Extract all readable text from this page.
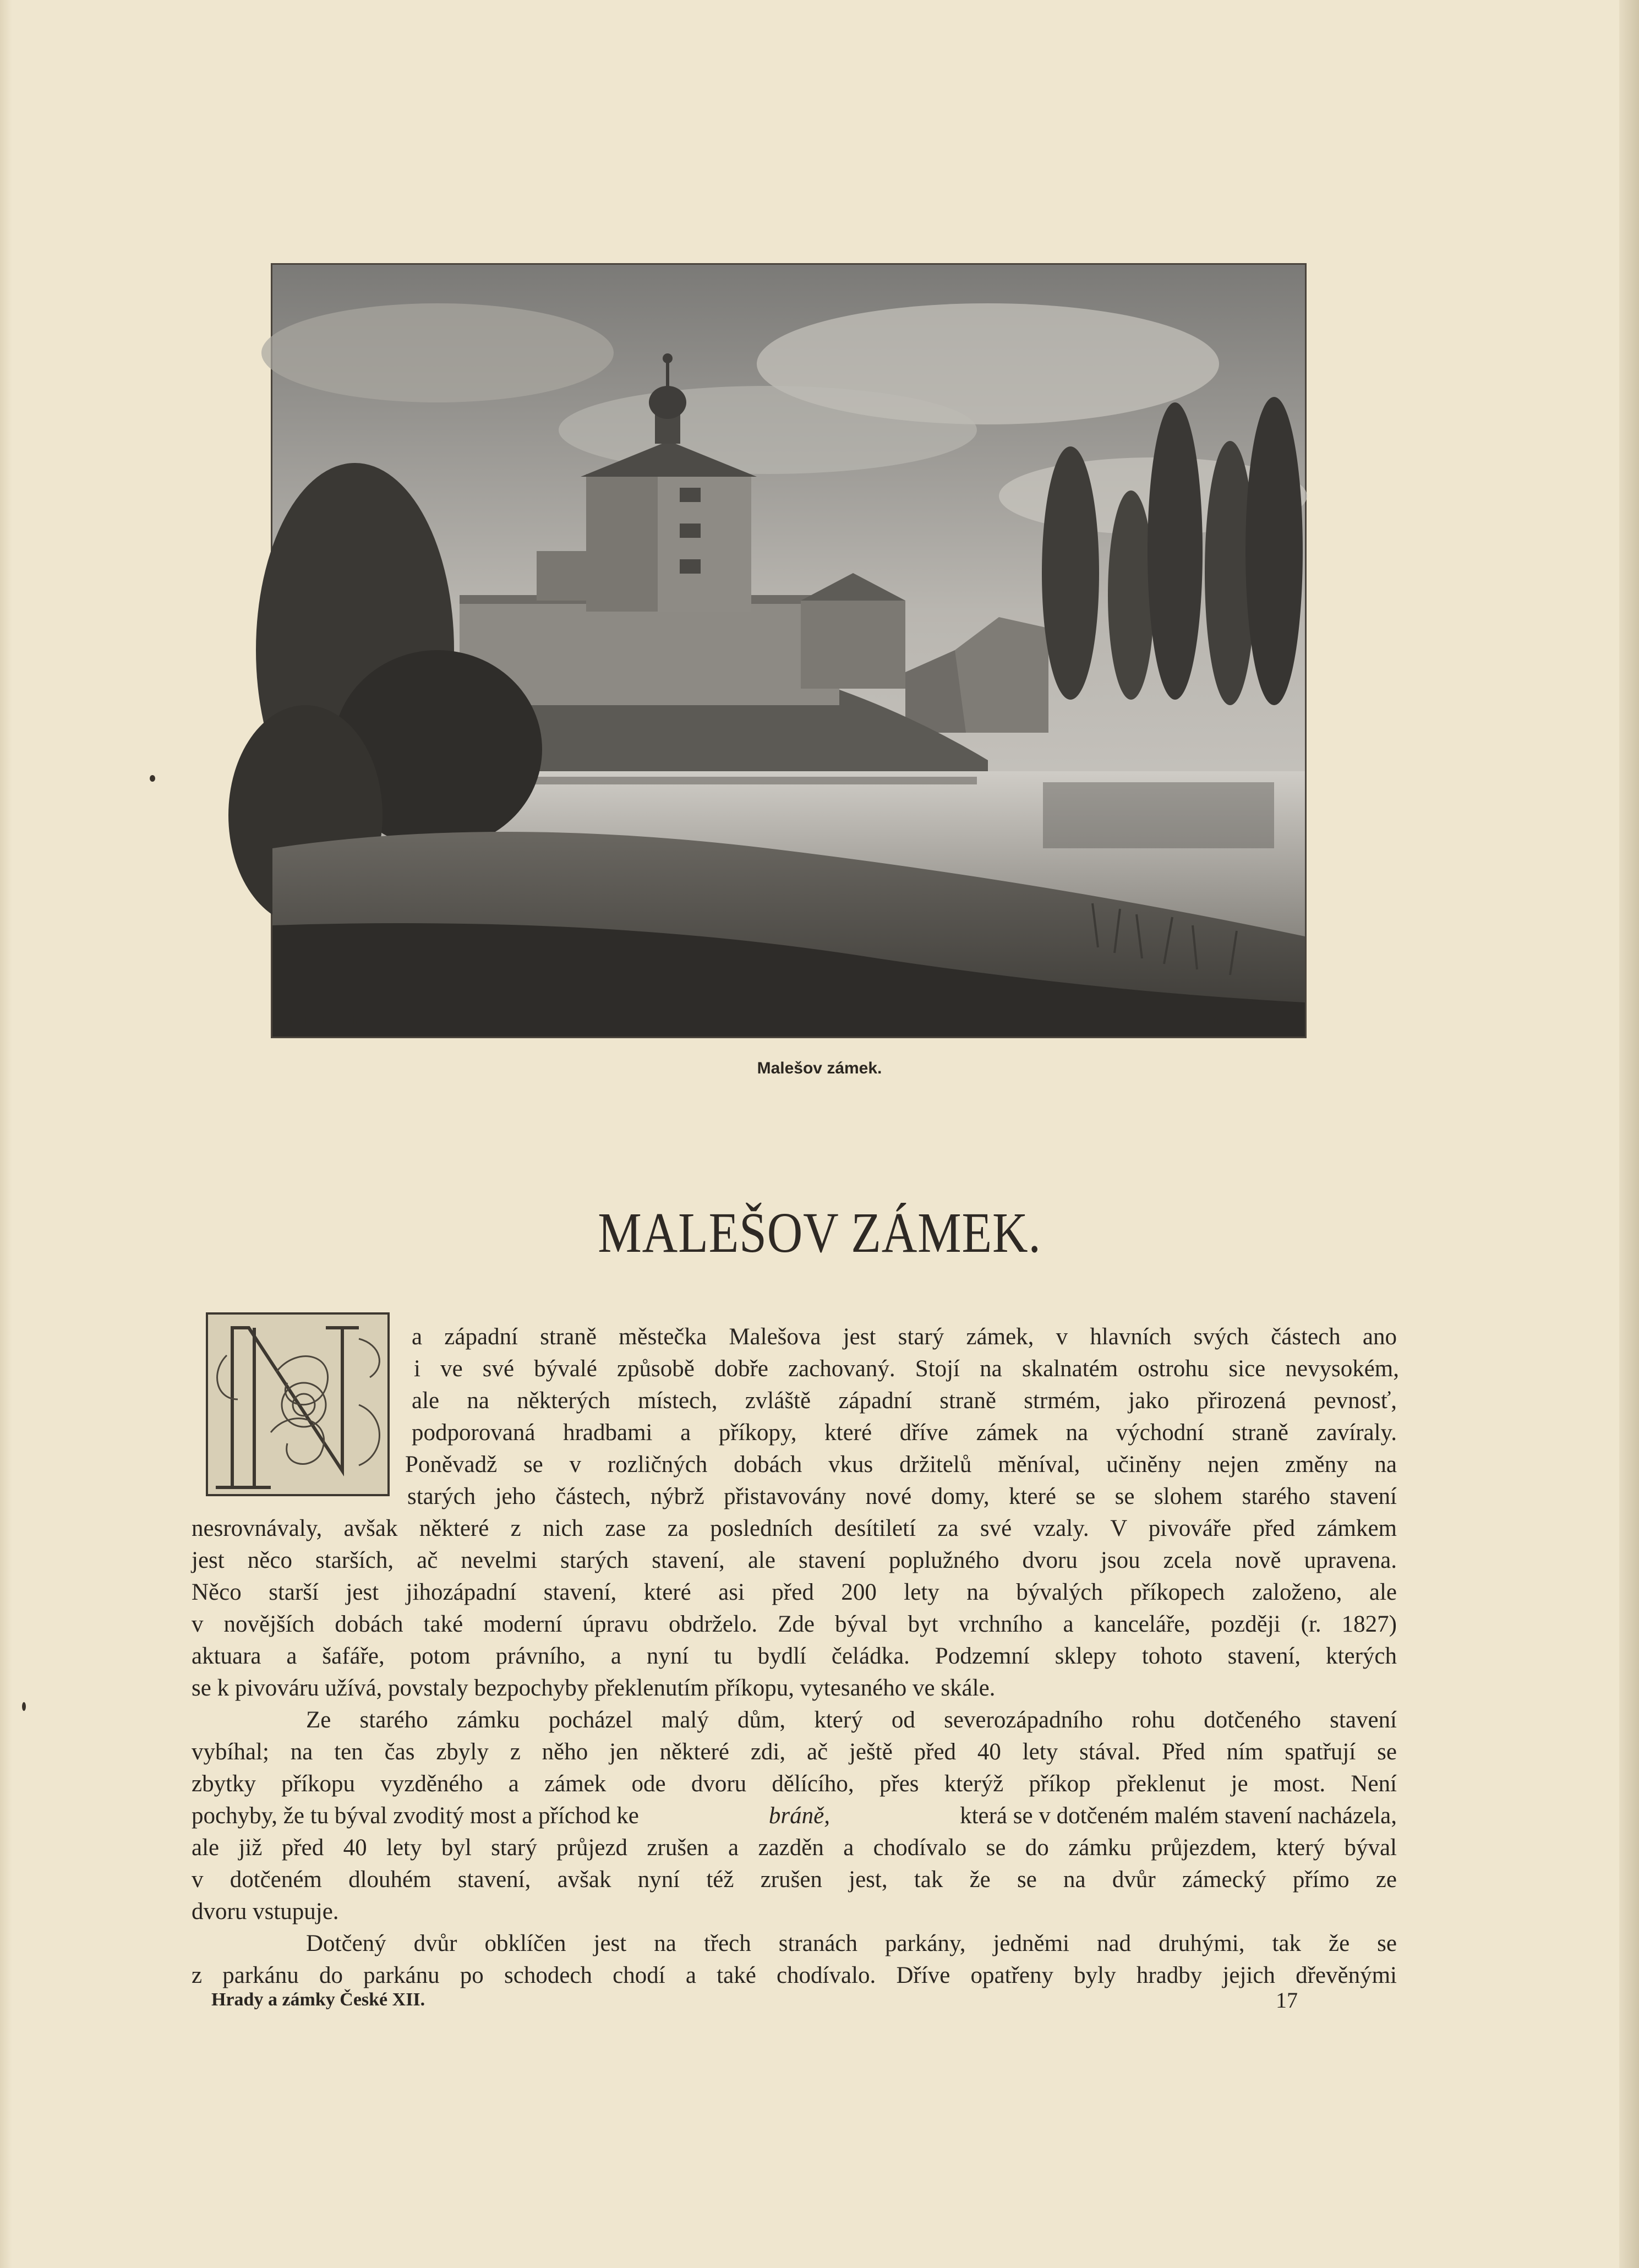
R. Lauterbach	Hugo Bar. Ch.
Malešov zámek.
MALEŠOV ZÁMEK.
N
a západní straně městečka Malešova jest starý zámek, v hlavních svých částech ano
i ve své bývalé způsobě dobře zachovaný. Stojí na skalnatém ostrohu sice nevysokém,
ale na některých místech, zvláště západní straně strmém, jako přirozená pevnosť,
podporovaná hradbami a příkopy, které dříve zámek na východní straně zavíraly.
Poněvadž se v rozličných dobách vkus držitelů měníval, učiněny nejen změny na
starých jeho částech, nýbrž přistavovány nové domy, které se se slohem starého stavení
nesrovnávaly, avšak některé z nich zase za posledních desítiletí za své vzaly. V pivováře před zámkem
jest něco starších, ač nevelmi starých stavení, ale stavení poplužného dvoru jsou zcela nově upravena.
Něco starší jest jihozápadní stavení, které asi před 200 lety na bývalých příkopech založeno, ale
v novějších dobách také moderní úpravu obdrželo. Zde býval byt vrchního a kanceláře, později (r. 1827)
aktuara a šafáře, potom právního, a nyní tu bydlí čeládka. Podzemní sklepy tohoto stavení, kterých
se k pivováru užívá, povstaly bezpochyby překlenutím příkopu, vytesaného ve skále.
Ze starého zámku pocházel malý dům, který od severozápadního rohu dotčeného stavení
vybíhal; na ten čas zbyly z něho jen některé zdi, ač ještě před 40 lety stával. Před ním spatřují se
zbytky příkopu vyzděného a zámek ode dvoru dělícího, přes kterýž příkop překlenut je most. Není
pochyby, že tu býval zvoditý most a příchod ke	bráně,	která se v dotčeném malém stavení nacházela,
ale již před 40 lety byl starý průjezd zrušen a zazděn a chodívalo se do zámku průjezdem, který býval
v dotčeném dlouhém stavení, avšak nyní též zrušen jest, tak že se na dvůr zámecký přímo ze
dvoru vstupuje.
Dotčený dvůr obklíčen jest na třech stranách parkány, jedněmi nad druhými, tak že se
z parkánu do parkánu po schodech chodí a také chodívalo. Dříve opatřeny byly hradby jejich dřevěnými
Hrady a zámky České XII.	17
